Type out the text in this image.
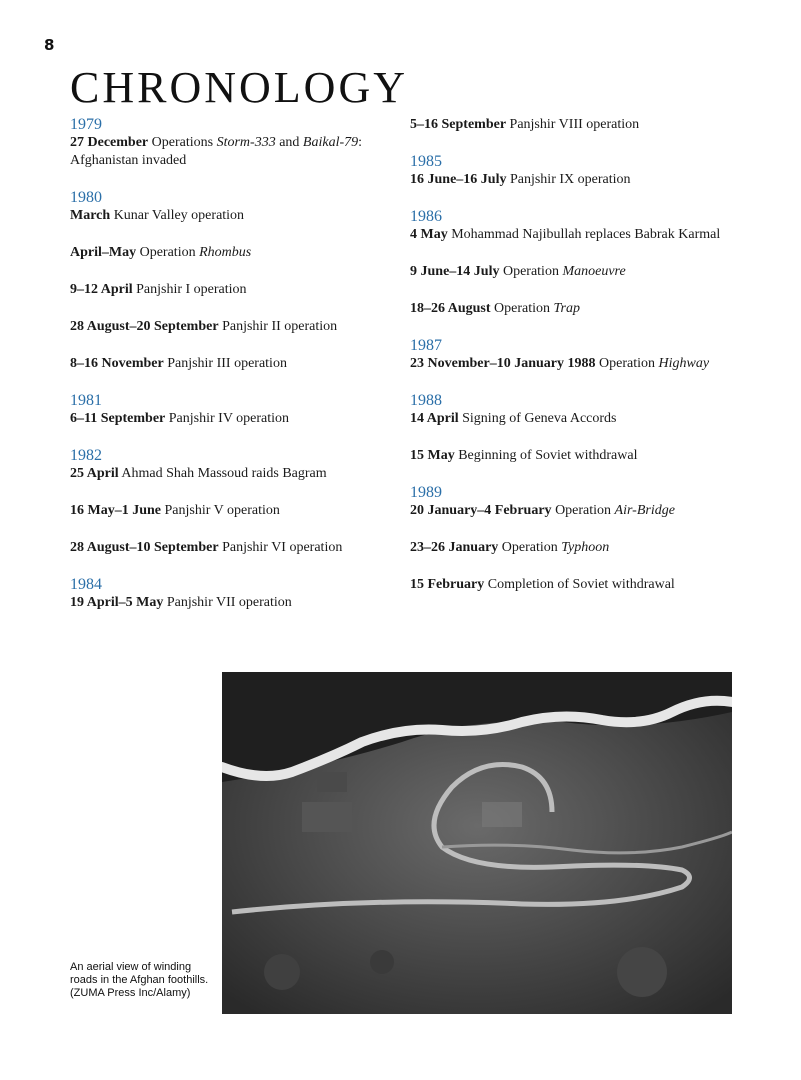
8
CHRONOLOGY
1979

27 December Operations Storm-333 and Baikal-79: Afghanistan invaded

1980

March Kunar Valley operation

April–May Operation Rhombus

9–12 April Panjshir I operation

28 August–20 September Panjshir II operation

8–16 November Panjshir III operation

1981

6–11 September Panjshir IV operation

1982

25 April Ahmad Shah Massoud raids Bagram

16 May–1 June Panjshir V operation

28 August–10 September Panjshir VI operation

1984

19 April–5 May Panjshir VII operation

5–16 September Panjshir VIII operation

1985

16 June–16 July Panjshir IX operation

1986

4 May Mohammad Najibullah replaces Babrak Karmal

9 June–14 July Operation Manoeuvre

18–26 August Operation Trap

1987

23 November–10 January 1988 Operation Highway

1988

14 April Signing of Geneva Accords

15 May Beginning of Soviet withdrawal

1989

20 January–4 February Operation Air-Bridge

23–26 January Operation Typhoon

15 February Completion of Soviet withdrawal

An aerial view of winding roads in the Afghan foothills. (ZUMA Press Inc/Alamy)
